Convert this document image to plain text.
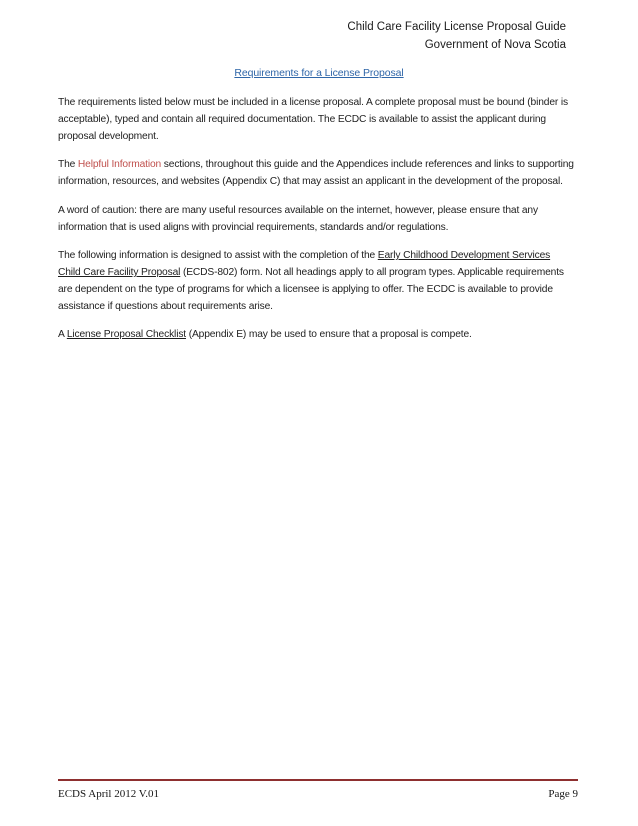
Child Care Facility License Proposal Guide
Government of Nova Scotia
Requirements for a License Proposal

The requirements listed below must be included in a license proposal. A complete proposal must be bound (binder is acceptable), typed and contain all required documentation. The ECDC is available to assist the applicant during proposal development.

The Helpful Information sections, throughout this guide and the Appendices include references and links to supporting information, resources, and websites (Appendix C) that may assist an applicant in the development of the proposal.

A word of caution: there are many useful resources available on the internet, however, please ensure that any information that is used aligns with provincial requirements, standards and/or regulations.

The following information is designed to assist with the completion of the Early Childhood Development Services Child Care Facility Proposal (ECDS-802) form. Not all headings apply to all program types. Applicable requirements are dependent on the type of programs for which a licensee is applying to offer. The ECDC is available to provide assistance if questions about requirements arise.

A License Proposal Checklist (Appendix E) may be used to ensure that a proposal is compete.

ECDS April 2012 V.01	Page 9
